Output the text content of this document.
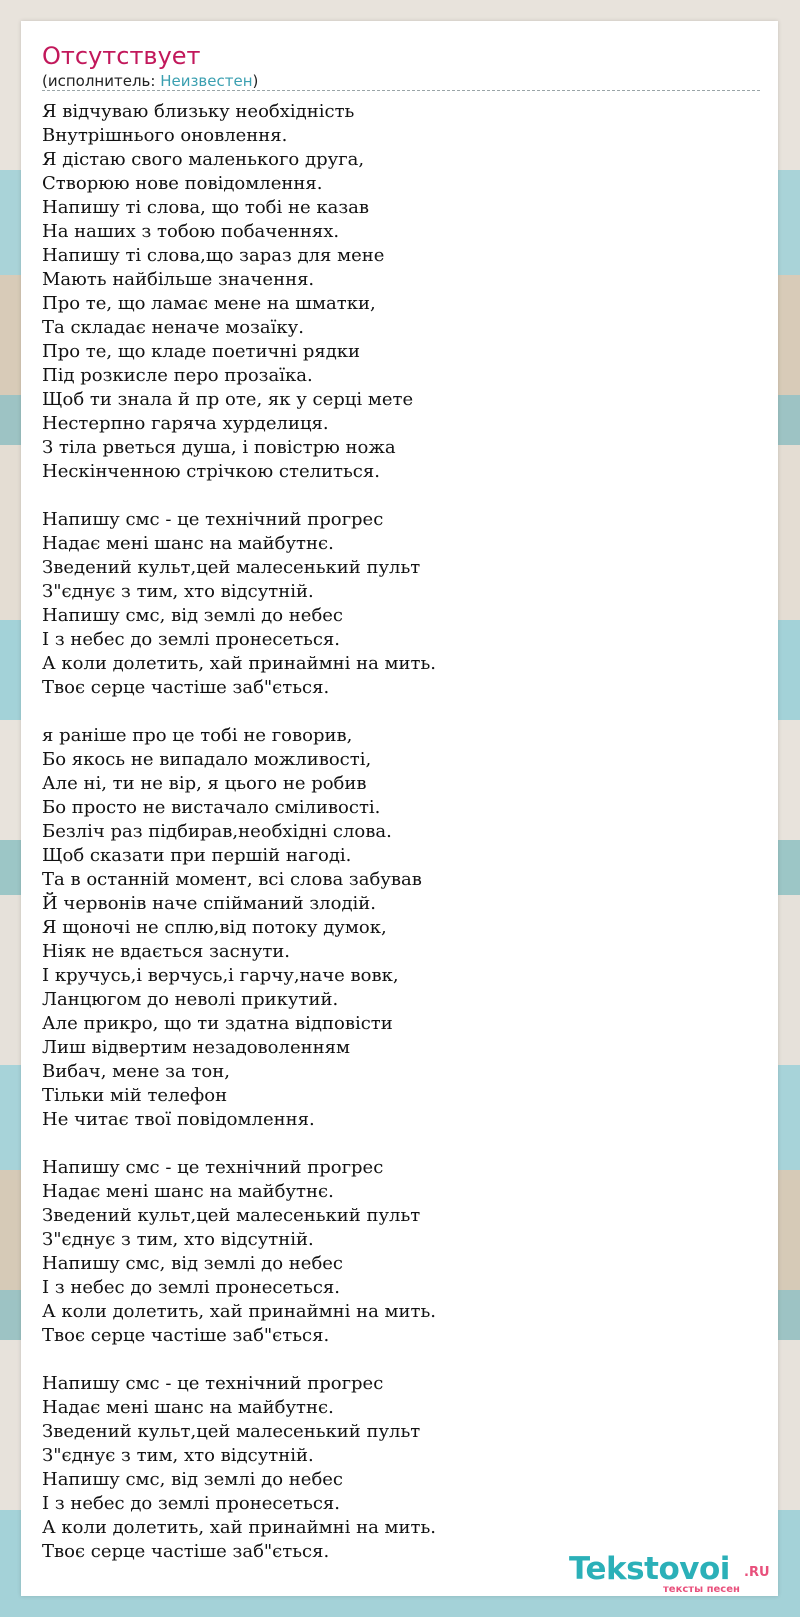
Отсутствует
(исполнитель: Неизвестен)
Я відчуваю близьку необхідність
Внутрішнього оновлення.
Я дістаю свого маленького друга,
Створюю нове повідомлення.
Напишу ті слова, що тобі не казав
На наших з тобою побаченнях.
Напишу ті слова,що зараз для мене
Мають найбільше значення.
Про те, що ламає мене на шматки,
Та складає неначе мозаїку.
Про те, що кладе поетичні рядки
Під розкисле перо прозаїка.
Щоб ти знала й пр оте, як у серці мете
Нестерпно гаряча хурделиця.
З тіла рветься душа, і повістрю ножа
Нескінченною стрічкою стелиться.
Напишу смс - це технічний прогрес
Надає мені шанс на майбутнє.
Зведений культ,цей малесенький пульт
З"єднує з тим, хто відсутній.
Напишу смс, від землі до небес
І з небес до землі пронесеться.
А коли долетить, хай принаймні на мить.
Твоє серце частіше заб"ється.
я раніше про це тобі не говорив,
Бо якось не випадало можливості,
Але ні, ти не вір, я цього не робив
Бо просто не вистачало сміливості.
Безліч раз підбирав,необхідні слова.
Щоб сказати при першій нагоді.
Та в останній момент, всі слова забував
Й червонів наче спійманий злодій.
Я щоночі не сплю,від потоку думок,
Ніяк не вдається заснути.
І кручусь,і верчусь,і гарчу,наче вовк,
Ланцюгом до неволі прикутий.
Але прикро, що ти здатна відповісти
Лиш відвертим незадоволенням
Вибач, мене за тон,
Тільки мій телефон
Не читає твої повідомлення.
Напишу смс - це технічний прогрес
Надає мені шанс на майбутнє.
Зведений культ,цей малесенький пульт
З"єднує з тим, хто відсутній.
Напишу смс, від землі до небес
І з небес до землі пронесеться.
А коли долетить, хай принаймні на мить.
Твоє серце частіше заб"ється.
Напишу смс - це технічний прогрес
Надає мені шанс на майбутнє.
Зведений культ,цей малесенький пульт
З"єднує з тим, хто відсутній.
Напишу смс, від землі до небес
І з небес до землі пронесеться.
А коли долетить, хай принаймні на мить.
Твоє серце частіше заб"ється.	Tekstovoi .RU
тексты песен
